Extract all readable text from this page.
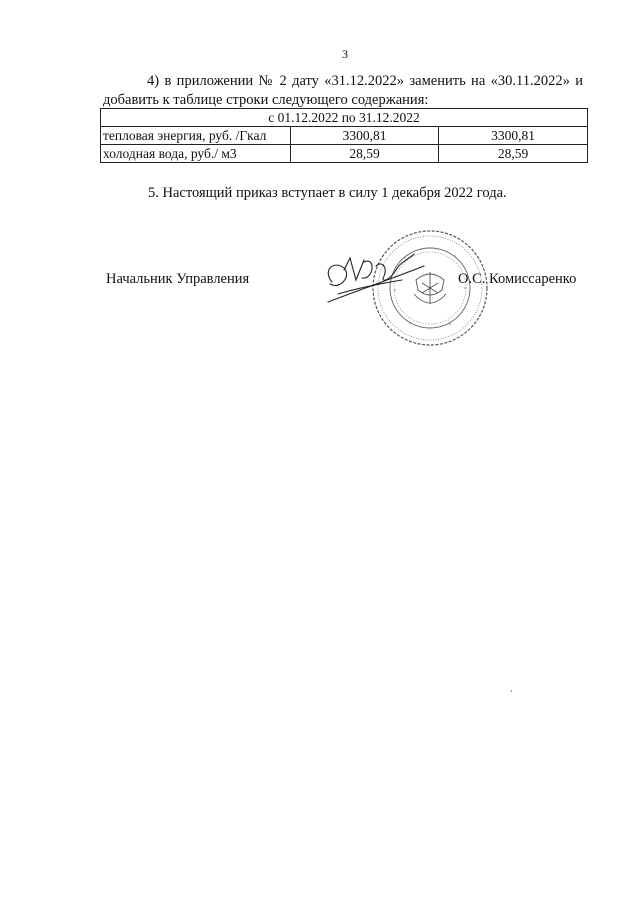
3
4) в приложении № 2 дату «31.12.2022» заменить на «30.11.2022» и
добавить к таблице строки следующего содержания:
с 01.12.2022 по 31.12.2022		
тепловая энергия, руб. /Гкал	3300,81	3300,81
холодная вода, руб./ м3	28,59	28,59
5. Настоящий приказ вступает в силу 1 декабря 2022 года.
Начальник Управления	О.С. Комиссаренко
